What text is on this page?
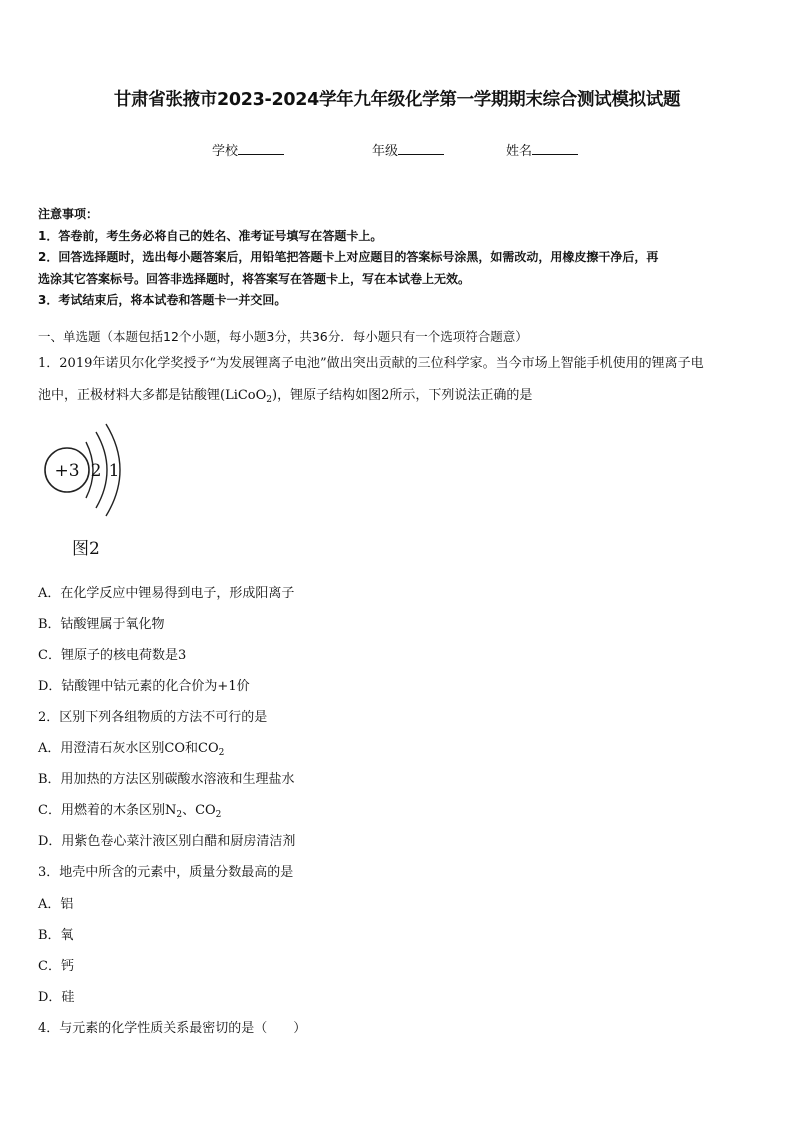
甘肃省张掖市2023-2024学年九年级化学第一学期期末综合测试模拟试题
学校	年级	姓名
注意事项：
1．答卷前，考生务必将自己的姓名、准考证号填写在答题卡上。
2．回答选择题时，选出每小题答案后，用铅笔把答题卡上对应题目的答案标号涂黑，如需改动，用橡皮擦干净后，再
选涂其它答案标号。回答非选择题时，将答案写在答题卡上，写在本试卷上无效。
3．考试结束后，将本试卷和答题卡一并交回。
一、单选题（本题包括12个小题，每小题3分，共36分．每小题只有一个选项符合题意）
1．2019年诺贝尔化学奖授予“为发展锂离子电池”做出突出贡献的三位科学家。当今市场上智能手机使用的锂离子电
池中，正极材料大多都是钴酸锂(LiCoO$_2$)，锂原子结构如图2所示，下列说法正确的是
+3 2 1
图2
A．在化学反应中锂易得到电子，形成阳离子
B．钴酸锂属于氧化物
C．锂原子的核电荷数是3
D．钴酸锂中钴元素的化合价为+1价
2．区别下列各组物质的方法不可行的是
A．用澄清石灰水区别CO和$CO_2$
B．用加热的方法区别碳酸水溶液和生理盐水
C．用燃着的木条区别$N_2$、$CO_2$
D．用紫色卷心菜汁液区别白醋和厨房清洁剂
3．地壳中所含的元素中，质量分数最高的是
A．铝
B．氧
C．钙
D．硅
4．与元素的化学性质关系最密切的是（　　）
